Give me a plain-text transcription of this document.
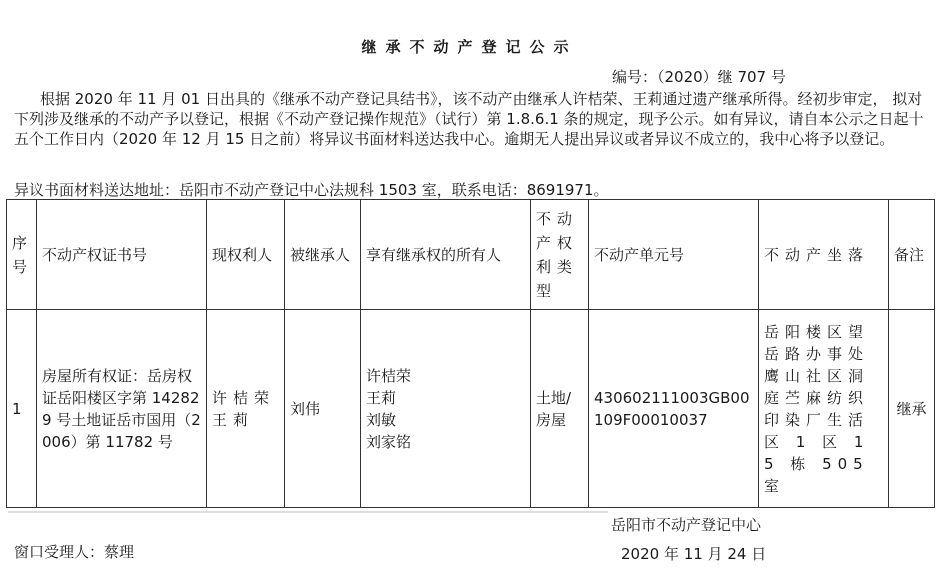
继承不动产登记公示
编号：（2020）继 707 号

根据 2020 年 11 月 01 日出具的《继承不动产登记具结书》，该不动产由继承人许桔荣、王莉通过遗产继承所得。经初步审定， 拟对下列涉及继承的不动产予以登记，根据《不动产登记操作规范》（试行）第 1.8.6.1 条的规定，现予公示。如有异议，请自本公示之日起十五个工作日内（2020 年 12 月 15 日之前）将异议书面材料送达我中心。逾期无人提出异议或者异议不成立的，我中心将予以登记。

异议书面材料送达地址：岳阳市不动产登记中心法规科 1503 室，联系电话：8691971。
序号	不动产权证书号	现权利人	被继承人	享有继承权的所有人	不动产权利类型	不动产单元号	不动产坐落	备注
1	房屋所有权证：岳房权证岳阳楼区字第 142829 号土地证岳市国用（2006）第 11782 号	许桔荣王莉	刘伟	许桔荣
王莉
刘敏
刘家铭	土地/房屋	430602111003GB00109F00010037	岳阳楼区望岳路办事处鹰山社区洞庭苎麻纺织印染厂生活区 1 区 15 栋 505 室	继承
岳阳市不动产登记中心
2020 年 11 月 24 日
窗口受理人：蔡理
